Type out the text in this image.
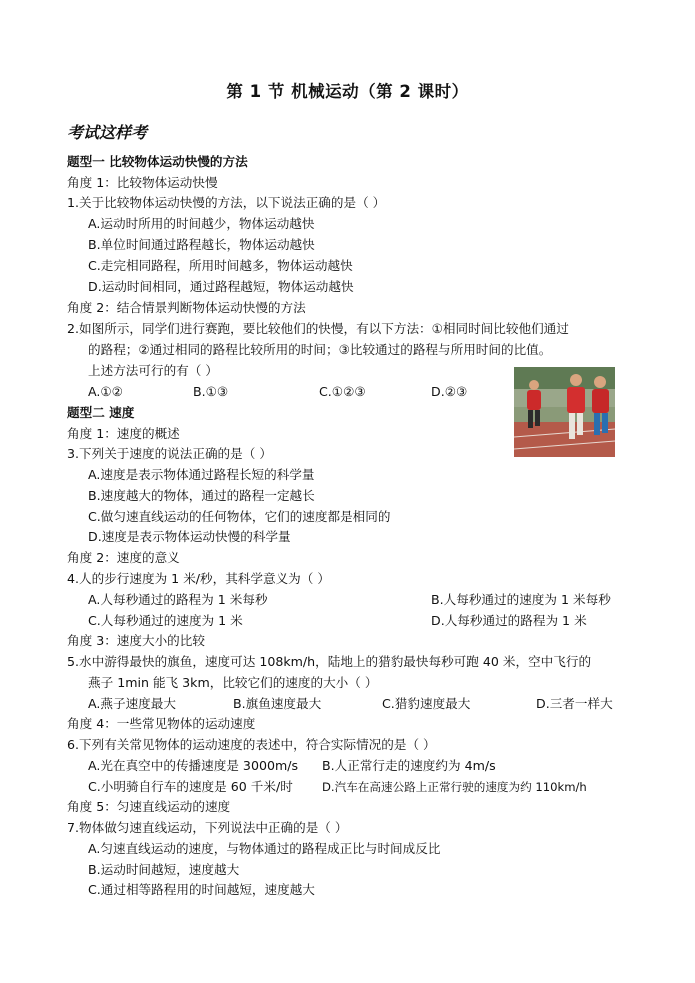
第 1 节 机械运动（第 2 课时）
考试这样考
题型一 比较物体运动快慢的方法
角度 1：比较物体运动快慢
1.关于比较物体运动快慢的方法，以下说法正确的是（ ）
A.运动时所用的时间越少，物体运动越快
B.单位时间通过路程越长，物体运动越快
C.走完相同路程，所用时间越多，物体运动越快
D.运动时间相同，通过路程越短，物体运动越快
角度 2：结合情景判断物体运动快慢的方法
2.如图所示，同学们进行赛跑，要比较他们的快慢，有以下方法：①相同时间比较他们通过
的路程；②通过相同的路程比较所用的时间；③比较通过的路程与所用时间的比值。
上述方法可行的有（ ）
A.①②	B.①③	C.①②③	D.②③
题型二 速度
角度 1：速度的概述
3.下列关于速度的说法正确的是（ ）
A.速度是表示物体通过路程长短的科学量
B.速度越大的物体，通过的路程一定越长
C.做匀速直线运动的任何物体，它们的速度都是相同的
D.速度是表示物体运动快慢的科学量
角度 2：速度的意义
4.人的步行速度为 1 米/秒，其科学意义为（ ）
A.人每秒通过的路程为 1 米每秒	B.人每秒通过的速度为 1 米每秒
C.人每秒通过的速度为 1 米	D.人每秒通过的路程为 1 米
角度 3：速度大小的比较
5.水中游得最快的旗鱼，速度可达 108km/h，陆地上的猎豹最快每秒可跑 40 米，空中飞行的
燕子 1min 能飞 3km，比较它们的速度的大小（ ）
A.燕子速度最大	B.旗鱼速度最大	C.猎豹速度最大	D.三者一样大
角度 4：一些常见物体的运动速度
6.下列有关常见物体的运动速度的表述中，符合实际情况的是（ ）
A.光在真空中的传播速度是 3000m/s B.人正常行走的速度约为 4m/s
C.小明骑自行车的速度是 60 千米/时	D.汽车在高速公路上正常行驶的速度为约 110km/h
角度 5：匀速直线运动的速度
7.物体做匀速直线运动，下列说法中正确的是（ ）
A.匀速直线运动的速度，与物体通过的路程成正比与时间成反比
B.运动时间越短，速度越大
C.通过相等路程用的时间越短，速度越大
